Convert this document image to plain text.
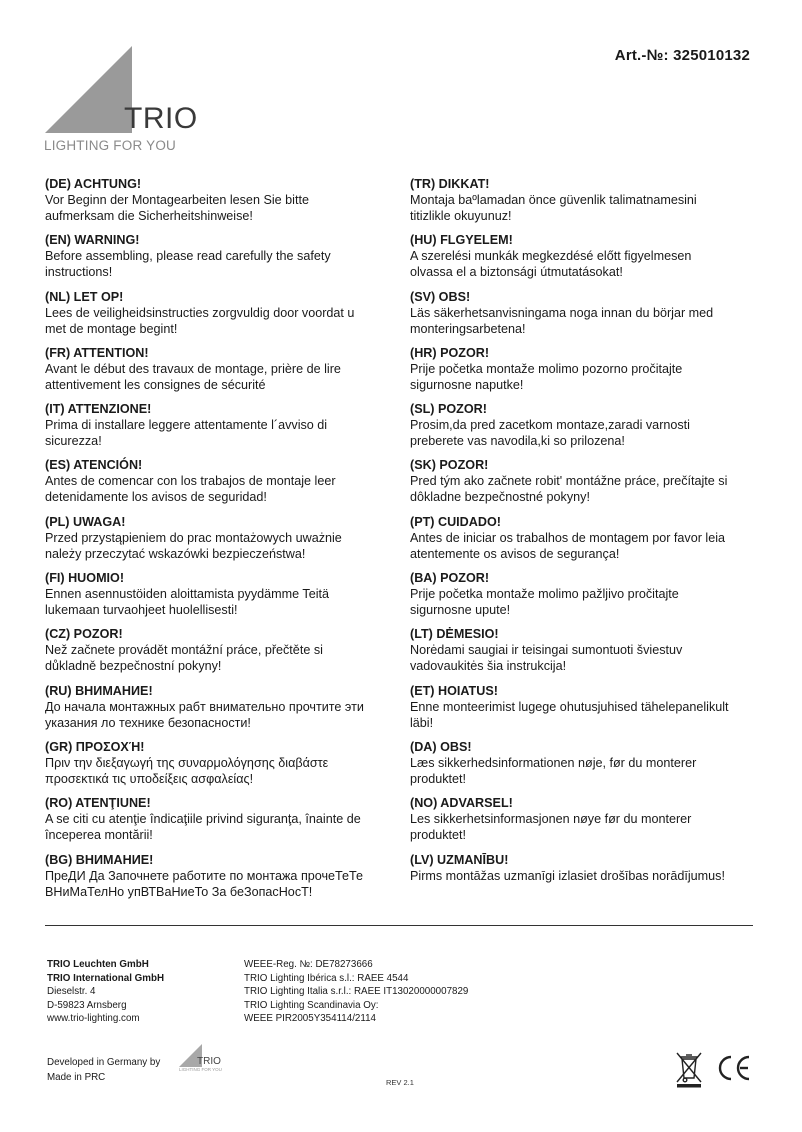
Art.-№: 325010132
TRIO
LIGHTING FOR YOU
(DE) ACHTUNG!
Vor Beginn der Montagearbeiten lesen Sie bitte
aufmerksam die Sicherheitshinweise!
(EN) WARNING!
Before assembling, please read carefully the safety
instructions!
(NL) LET OP!
Lees de veiligheidsinstructies zorgvuldig door voordat u
met de montage begint!
(FR) ATTENTION!
Avant le début des travaux de montage, prière de lire
attentivement les consignes de sécurité
(IT) ATTENZIONE!
Prima di installare leggere attentamente l´avviso di
sicurezza!
(ES) ATENCIÓN!
Antes de comencar con los trabajos de montaje leer
detenidamente los avisos de seguridad!
(PL) UWAGA!
Przed przystąpieniem do prac montażowych uważnie
należy przeczytać wskazówki bezpieczeństwa!
(FI) HUOMIO!
Ennen asennustöiden aloittamista pyydämme Teitä
lukemaan turvaohjeet huolellisesti!
(CZ) POZOR!
Než začnete provádět montážní práce, přečtěte si
důkladně bezpečnostní pokyny!
(RU) ВНИМАНИЕ!
До начала монтажных рабт внимательно прочтите эти
указания ло технике безопасности!
(GR) ΠΡΟΣΟΧΉ!
Πριν την διεξαγωγή της συναρμολόγησης διαβάστε
προσεκτικά τις υποδείξεις ασφαλείας!
(RO) ATENŢIUNE!
A se citi cu atenţie îndicaţiile privind siguranţa, înainte de
începerea montării!
(BG) ВНИМАНИЕ!
ПреДИ Да Започнете работите по монтажа прочеТеТе
ВНиМаТелНо упВТВаНиеТо За беЗопасНосТ!
(TR) DIKKAT!
Montaja baºlamadan önce güvenlik talimatnamesini
titizlikle okuyunuz!
(HU) FLGYELEM!
A szerelési munkák megkezdésé előtt figyelmesen
olvassa el a biztonsági útmutatásokat!
(SV) OBS!
Läs säkerhetsanvisningama noga innan du börjar med
monteringsarbetena!
(HR) POZOR!
Prije početka montaže molimo pozorno pročitajte
sigurnosne naputke!
(SL) POZOR!
Prosim,da pred zacetkom montaze,zaradi varnosti
preberete vas navodila,ki so prilozena!
(SK) POZOR!
Pred tým ako začnete robit' montážne práce, prečítajte si
dôkladne bezpečnostné pokyny!
(PT) CUIDADO!
Antes de iniciar os trabalhos de montagem por favor leia
atentemente os avisos de segurança!
(BA) POZOR!
Prije početka montaže molimo pažljivo pročitajte
sigurnosne upute!
(LT) DĖMESIO!
Norėdami saugiai ir teisingai sumontuoti šviestuv
vadovaukitės šia instrukcija!
(ET) HOIATUS!
Enne monteerimist lugege ohutusjuhised tähelepanelikult
läbi!
(DA) OBS!
Læs sikkerhedsinformationen nøje, før du monterer
produktet!
(NO) ADVARSEL!
Les sikkerhetsinformasjonen nøye før du monterer
produktet!
(LV) UZMANĪBU!
Pirms montāžas uzmanīgi izlasiet drošības norādījumus!
TRIO Leuchten GmbH
TRIO International GmbH
Dieselstr. 4
D-59823 Arnsberg
www.trio-lighting.com
WEEE-Reg. №: DE78273666
TRIO Lighting Ibérica s.l.: RAEE 4544
TRIO Lighting Italia s.r.l.: RAEE IT13020000007829
TRIO Lighting Scandinavia Oy:
WEEE PIR2005Y354114/2114
Developed in Germany by
Made in PRC
TRIO
LIGHTING FOR YOU
REV 2.1
